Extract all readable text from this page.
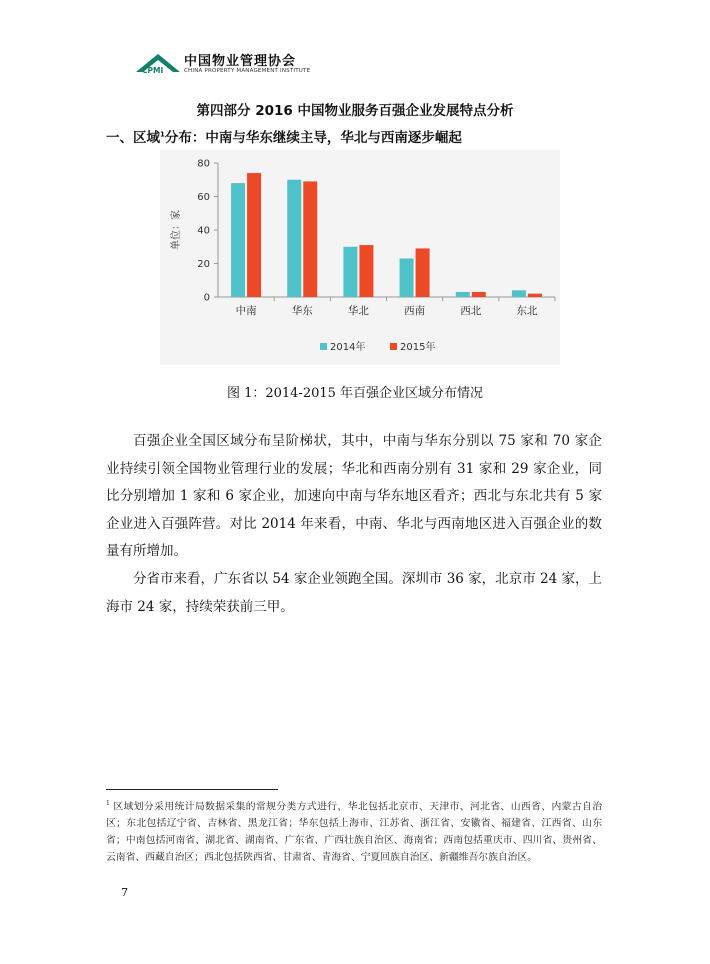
CPMI
中国物业管理协会
CHINA PROPERTY MANAGEMENT INSTITUTE
第四部分 2016 中国物业服务百强企业发展特点分析
一、区域$^1$分布：中南与华东继续主导，华北与西南逐步崛起
0
20
40
60
80
单位：家
中南	华东	华北	西南	西北	东北
2014年	2015年
图 1：2014-2015 年百强企业区域分布情况
百强企业全国区域分布呈阶梯状，其中，中南与华东分别以 75 家和 70 家企业持续引领全国物业管理行业的发展；华北和西南分别有 31 家和 29 家企业，同比分别增加 1 家和 6 家企业，加速向中南与华东地区看齐；西北与东北共有 5 家企业进入百强阵营。对比 2014 年来看，中南、华北与西南地区进入百强企业的数量有所增加。
分省市来看，广东省以 54 家企业领跑全国。深圳市 36 家，北京市 24 家，上海市 24 家，持续荣获前三甲。
$^1$ 区域划分采用统计局数据采集的常规分类方式进行，华北包括北京市、天津市、河北省、山西省、内蒙古自治区；东北包括辽宁省、吉林省、黑龙江省；华东包括上海市、江苏省、浙江省、安徽省、福建省、江西省、山东省；中南包括河南省、湖北省、湖南省、广东省、广西壮族自治区、海南省；西南包括重庆市、四川省、贵州省、云南省、西藏自治区；西北包括陕西省、甘肃省、青海省、宁夏回族自治区、新疆维吾尔族自治区。
7
